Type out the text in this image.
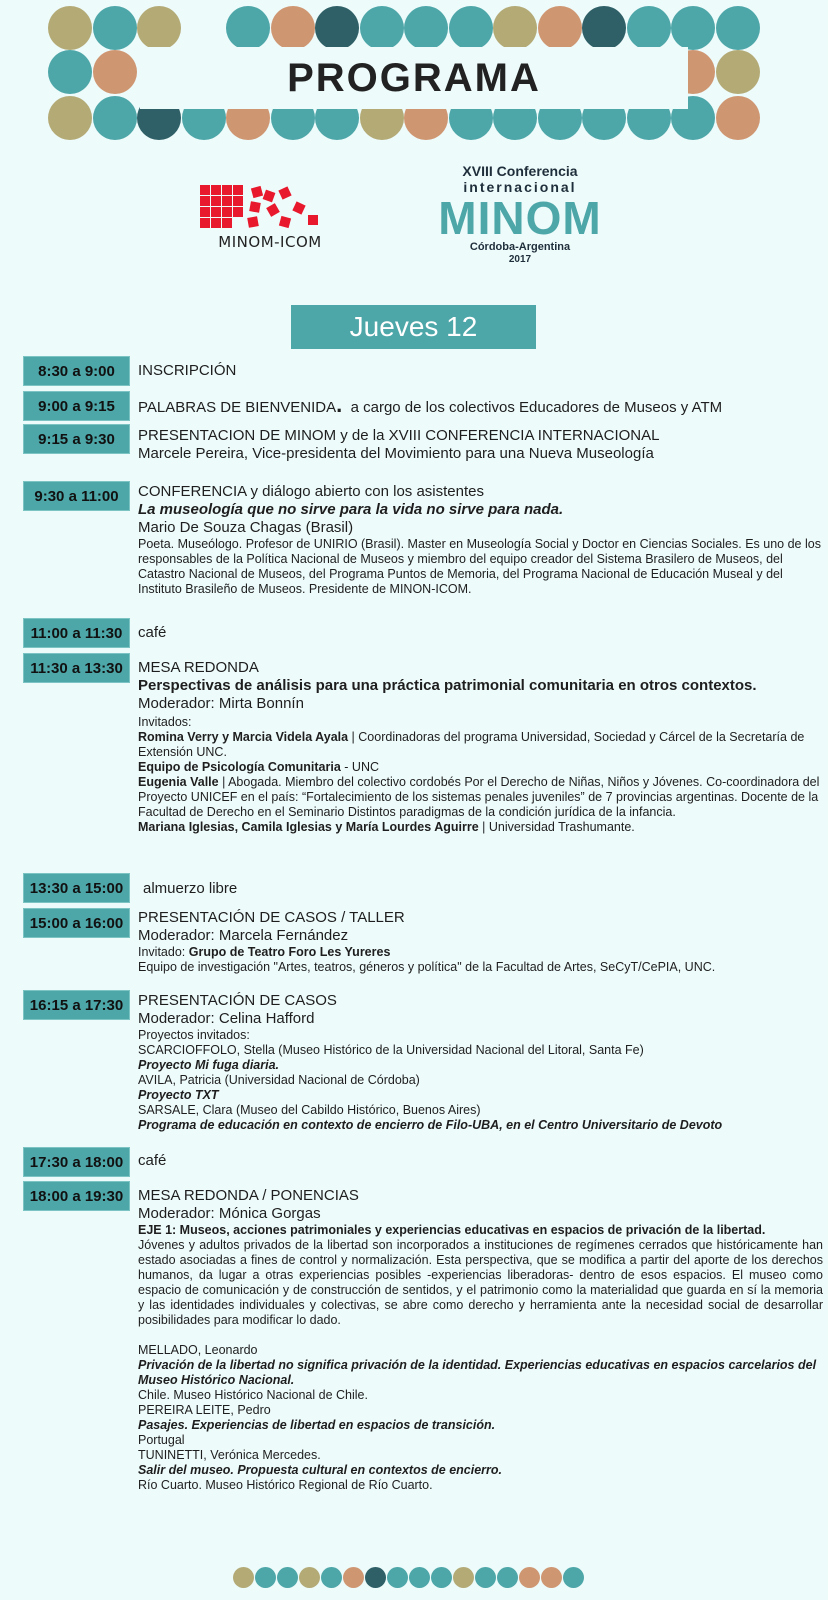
PROGRAMA
MINOM-ICOM
XVIII Conferencia
internacional
MINOM
Córdoba-Argentina
2017
Jueves 12
8:30 a 9:00	INSCRIPCIÓN
9:00 a 9:15	PALABRAS DE BIENVENIDA. a cargo de los colectivos Educadores de Museos y ATM
9:15 a 9:30	PRESENTACION DE MINOM y de la XVIII CONFERENCIA INTERNACIONAL
Marcele Pereira, Vice-presidenta del Movimiento para una Nueva Museología
9:30 a 11:00	CONFERENCIA y diálogo abierto con los asistentes
La museología que no sirve para la vida no sirve para nada.
Mario De Souza Chagas (Brasil)
Poeta. Museólogo. Profesor de UNIRIO (Brasil). Master en Museología Social y Doctor en Ciencias Sociales. Es uno de los responsables de la Política Nacional de Museos y miembro del equipo creador del Sistema Brasilero de Museos, del Catastro Nacional de Museos, del Programa Puntos de Memoria, del Programa Nacional de Educación Museal y del Instituto Brasileño de Museos. Presidente de MINON-ICOM.
11:00 a 11:30	café
11:30 a 13:30	MESA REDONDA
Perspectivas de análisis para una práctica patrimonial comunitaria en otros contextos. Moderador: Mirta Bonnín
Invitados:
Romina Verry y Marcia Videla Ayala | Coordinadoras del programa Universidad, Sociedad y Cárcel de la Secretaría de Extensión UNC.
Equipo de Psicología Comunitaria - UNC
Eugenia Valle | Abogada. Miembro del colectivo cordobés Por el Derecho de Niñas, Niños y Jóvenes. Co-coordinadora del Proyecto UNICEF en el país: “Fortalecimiento de los sistemas penales juveniles” de 7 provincias argentinas. Docente de la Facultad de Derecho en el Seminario Distintos paradigmas de la condición jurídica de la infancia.
Mariana Iglesias, Camila Iglesias y María Lourdes Aguirre | Universidad Trashumante.
13:30 a 15:00	almuerzo libre
15:00 a 16:00 PRESENTACIÓN DE CASOS / TALLER
Moderador: Marcela Fernández
Invitado: Grupo de Teatro Foro Les Yureres
Equipo de investigación "Artes, teatros, géneros y política" de la Facultad de Artes, SeCyT/CePIA, UNC.
16:15 a 17:30 PRESENTACIÓN DE CASOS
Moderador: Celina Hafford
Proyectos invitados:
SCARCIOFFOLO, Stella (Museo Histórico de la Universidad Nacional del Litoral, Santa Fe)
Proyecto Mi fuga diaria.
AVILA, Patricia (Universidad Nacional de Córdoba)
Proyecto TXT
SARSALE, Clara (Museo del Cabildo Histórico, Buenos Aires)
Programa de educación en contexto de encierro de Filo-UBA, en el Centro Universitario de Devoto
17:30 a 18:00 café
18:00 a 19:30 MESA REDONDA / PONENCIAS
Moderador: Mónica Gorgas
EJE 1: Museos, acciones patrimoniales y experiencias educativas en espacios de privación de la libertad.
Jóvenes y adultos privados de la libertad son incorporados a instituciones de regímenes cerrados que históricamente han estado asociadas a fines de control y normalización. Esta perspectiva, que se modifica a partir del aporte de los derechos humanos, da lugar a otras experiencias posibles -experiencias liberadoras- dentro de esos espacios. El museo como espacio de comunicación y de construcción de sentidos, y el patrimonio como la materialidad que guarda en sí la memoria y las identidades individuales y colectivas, se abre como derecho y herramienta ante la necesidad social de desarrollar posibilidades para modificar lo dado.
MELLADO, Leonardo
Privación de la libertad no significa privación de la identidad. Experiencias educativas en espacios carcelarios del Museo Histórico Nacional.
Chile. Museo Histórico Nacional de Chile.
PEREIRA LEITE, Pedro
Pasajes. Experiencias de libertad en espacios de transición.
Portugal
TUNINETTI, Verónica Mercedes.
Salir del museo. Propuesta cultural en contextos de encierro.
Río Cuarto. Museo Histórico Regional de Río Cuarto.
